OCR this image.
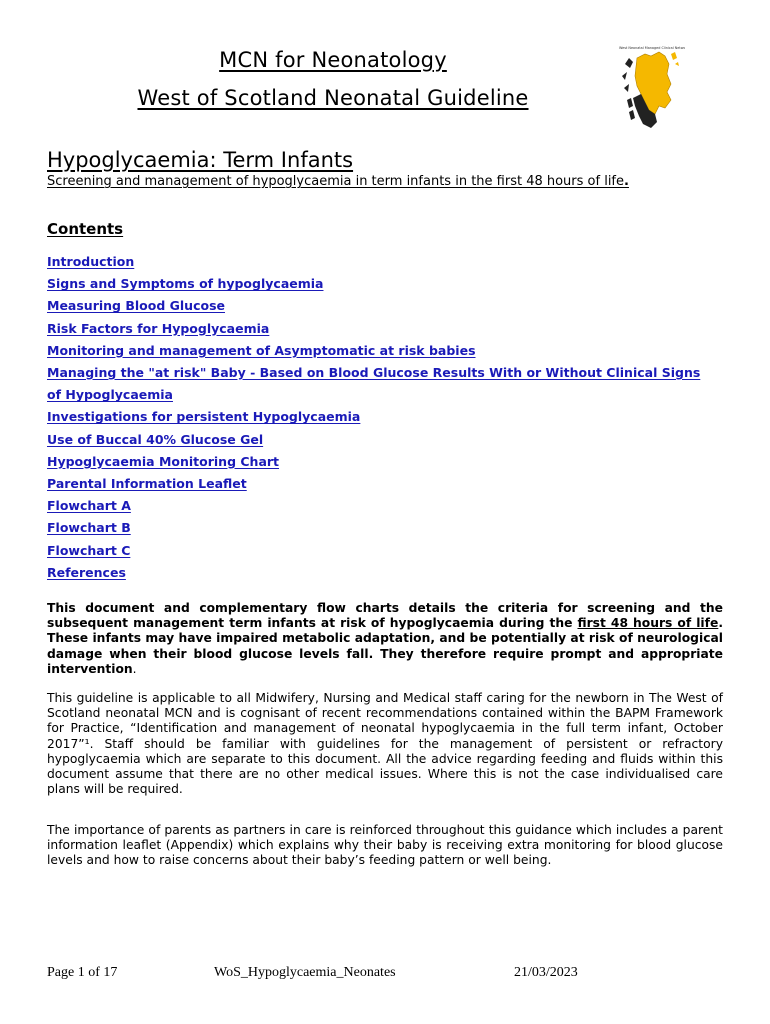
MCN for Neonatology
West of Scotland Neonatal Guideline
West Neonatal Managed Clinical Network
Hypoglycaemia: Term Infants
Screening and management of hypoglycaemia in term infants in the first 48 hours of life.
Contents
Introduction
Signs and Symptoms of hypoglycaemia
Measuring Blood Glucose
Risk Factors for Hypoglycaemia
Monitoring and management of Asymptomatic at risk babies
Managing the "at risk" Baby - Based on Blood Glucose Results With or Without Clinical Signs
of Hypoglycaemia
Investigations for persistent Hypoglycaemia
Use of Buccal 40% Glucose Gel
Hypoglycaemia Monitoring Chart
Parental Information Leaflet
Flowchart A
Flowchart B
Flowchart C
References
This document and complementary flow charts details the criteria for screening and the subsequent management term infants at risk of hypoglycaemia during the first 48 hours of life. These infants may have impaired metabolic adaptation, and be potentially at risk of neurological damage when their blood glucose levels fall. They therefore require prompt and appropriate intervention.
This guideline is applicable to all Midwifery, Nursing and Medical staff caring for the newborn in The West of Scotland neonatal MCN and is cognisant of recent recommendations contained within the BAPM Framework for Practice, “Identification and management of neonatal hypoglycaemia in the full term infant, October 2017”¹. Staff should be familiar with guidelines for the management of persistent or refractory hypoglycaemia which are separate to this document. All the advice regarding feeding and fluids within this document assume that there are no other medical issues. Where this is not the case individualised care plans will be required.
The importance of parents as partners in care is reinforced throughout this guidance which includes a parent information leaflet (Appendix) which explains why their baby is receiving extra monitoring for blood glucose levels and how to raise concerns about their baby’s feeding pattern or well being.
Page 1 of 17	WoS_Hypoglycaemia_Neonates	21/03/2023
